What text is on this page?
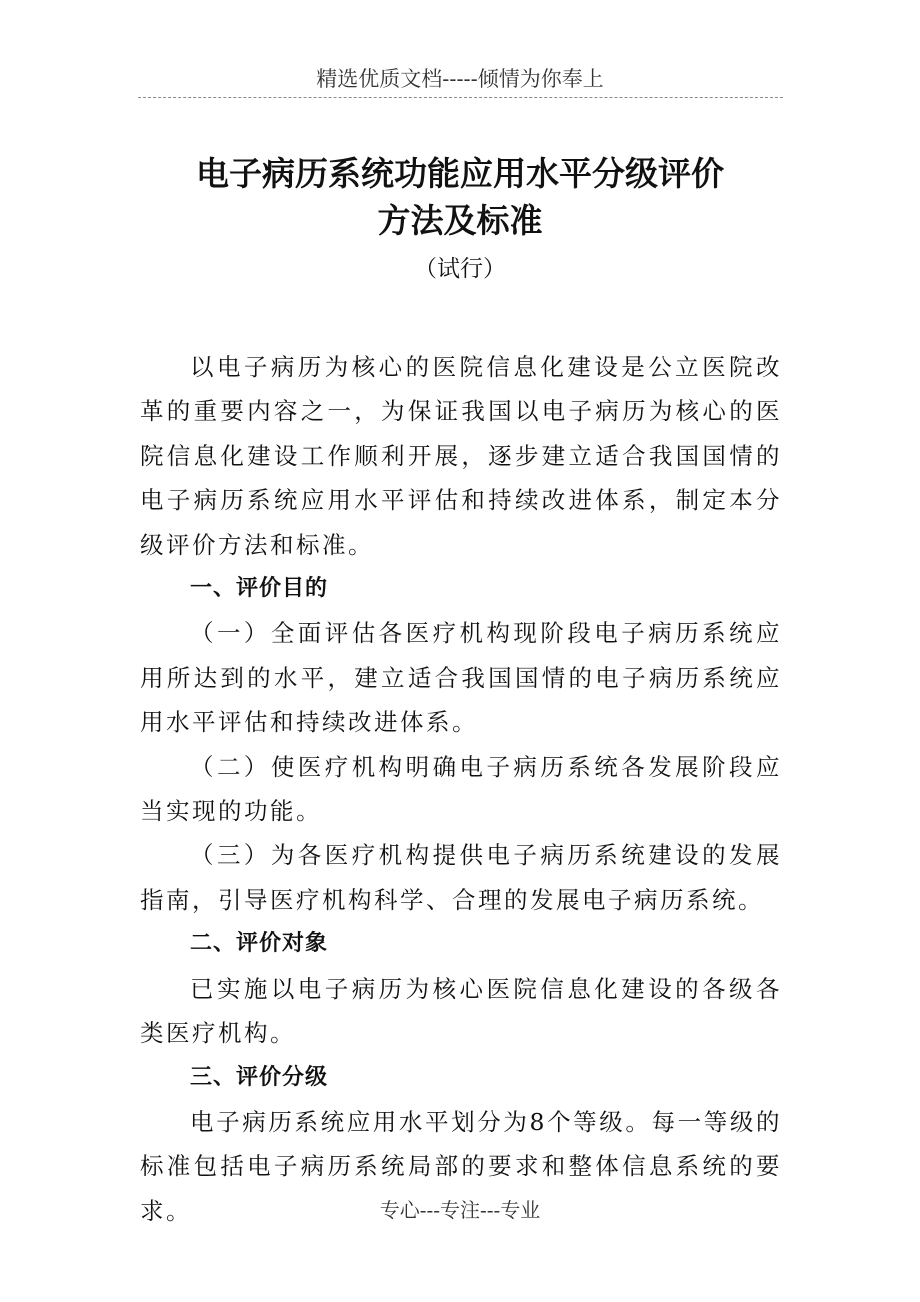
精选优质文档-----倾情为你奉上
电子病历系统功能应用水平分级评价
方法及标准
（试行）

以电子病历为核心的医院信息化建设是公立医院改革的重要内容之一，为保证我国以电子病历为核心的医院信息化建设工作顺利开展，逐步建立适合我国国情的电子病历系统应用水平评估和持续改进体系，制定本分级评价方法和标准。

一、评价目的

（一）全面评估各医疗机构现阶段电子病历系统应用所达到的水平，建立适合我国国情的电子病历系统应用水平评估和持续改进体系。

（二）使医疗机构明确电子病历系统各发展阶段应当实现的功能。

（三）为各医疗机构提供电子病历系统建设的发展指南，引导医疗机构科学、合理的发展电子病历系统。

二、评价对象

已实施以电子病历为核心医院信息化建设的各级各类医疗机构。

三、评价分级

电子病历系统应用水平划分为8个等级。每一等级的标准包括电子病历系统局部的要求和整体信息系统的要求。	专心---专注---专业
